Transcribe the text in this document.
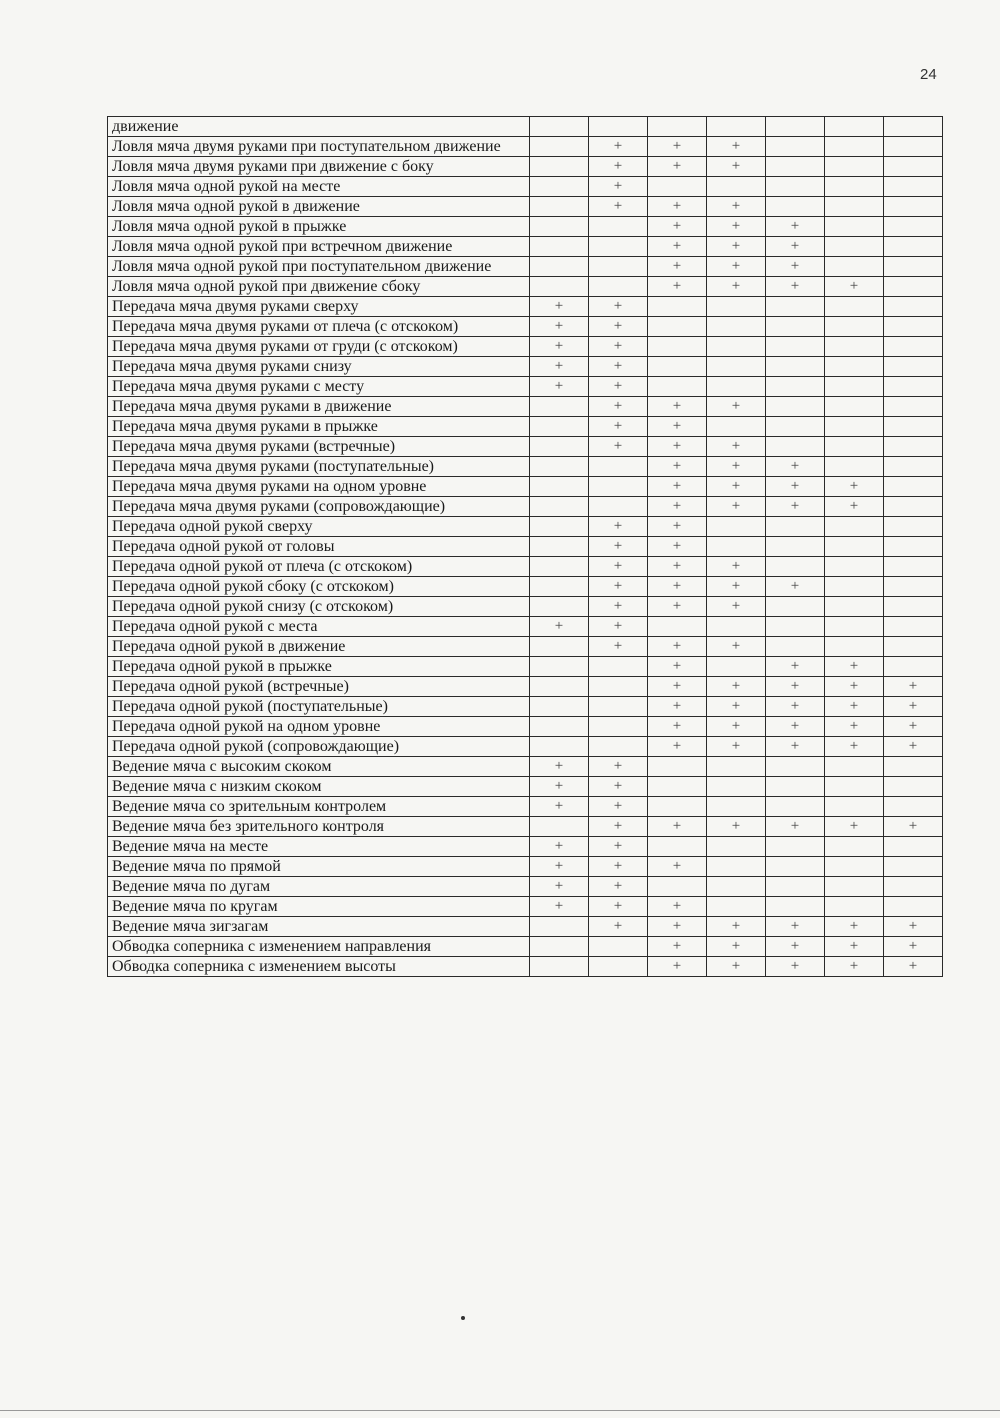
24
движение							
Ловля мяча двумя руками при поступательном движение		+	+	+			
Ловля мяча двумя руками при движение с боку		+	+	+			
Ловля мяча одной рукой на месте		+					
Ловля мяча одной рукой в движение		+	+	+			
Ловля мяча одной рукой в прыжке			+	+	+		
Ловля мяча одной рукой при встречном движение			+	+	+		
Ловля мяча одной рукой при поступательном движение			+	+	+		
Ловля мяча одной рукой при движение сбоку			+	+	+	+	
Передача мяча двумя руками сверху	+	+					
Передача мяча двумя руками от плеча (с отскоком)	+	+					
Передача мяча двумя руками от груди (с отскоком)	+	+					
Передача мяча двумя руками снизу	+	+					
Передача мяча двумя руками с месту	+	+					
Передача мяча двумя руками в движение		+	+	+			
Передача мяча двумя руками в прыжке		+	+				
Передача мяча двумя руками (встречные)		+	+	+			
Передача мяча двумя руками (поступательные)			+	+	+		
Передача мяча двумя руками на одном уровне			+	+	+	+	
Передача мяча двумя руками (сопровождающие)			+	+	+	+	
Передача одной рукой сверху		+	+				
Передача одной рукой от головы		+	+				
Передача одной рукой от плеча (с отскоком)		+	+	+			
Передача одной рукой сбоку (с отскоком)		+	+	+	+		
Передача одной рукой снизу (с отскоком)		+	+	+			
Передача одной рукой с места	+	+					
Передача одной рукой в движение		+	+	+			
Передача одной рукой в прыжке			+		+	+	
Передача одной рукой (встречные)			+	+	+	+	+
Передача одной рукой (поступательные)			+	+	+	+	+
Передача одной рукой на одном уровне			+	+	+	+	+
Передача одной рукой (сопровождающие)			+	+	+	+	+
Ведение мяча с высоким скоком	+	+					
Ведение мяча с низким скоком	+	+					
Ведение мяча со зрительным контролем	+	+					
Ведение мяча без зрительного контроля		+	+	+	+	+	+
Ведение мяча на месте	+	+					
Ведение мяча по прямой	+	+	+				
Ведение мяча по дугам	+	+					
Ведение мяча по кругам	+	+	+				
Ведение мяча зигзагам		+	+	+	+	+	+
Обводка соперника с изменением направления			+	+	+	+	+
Обводка соперника с изменением высоты			+	+	+	+	+
